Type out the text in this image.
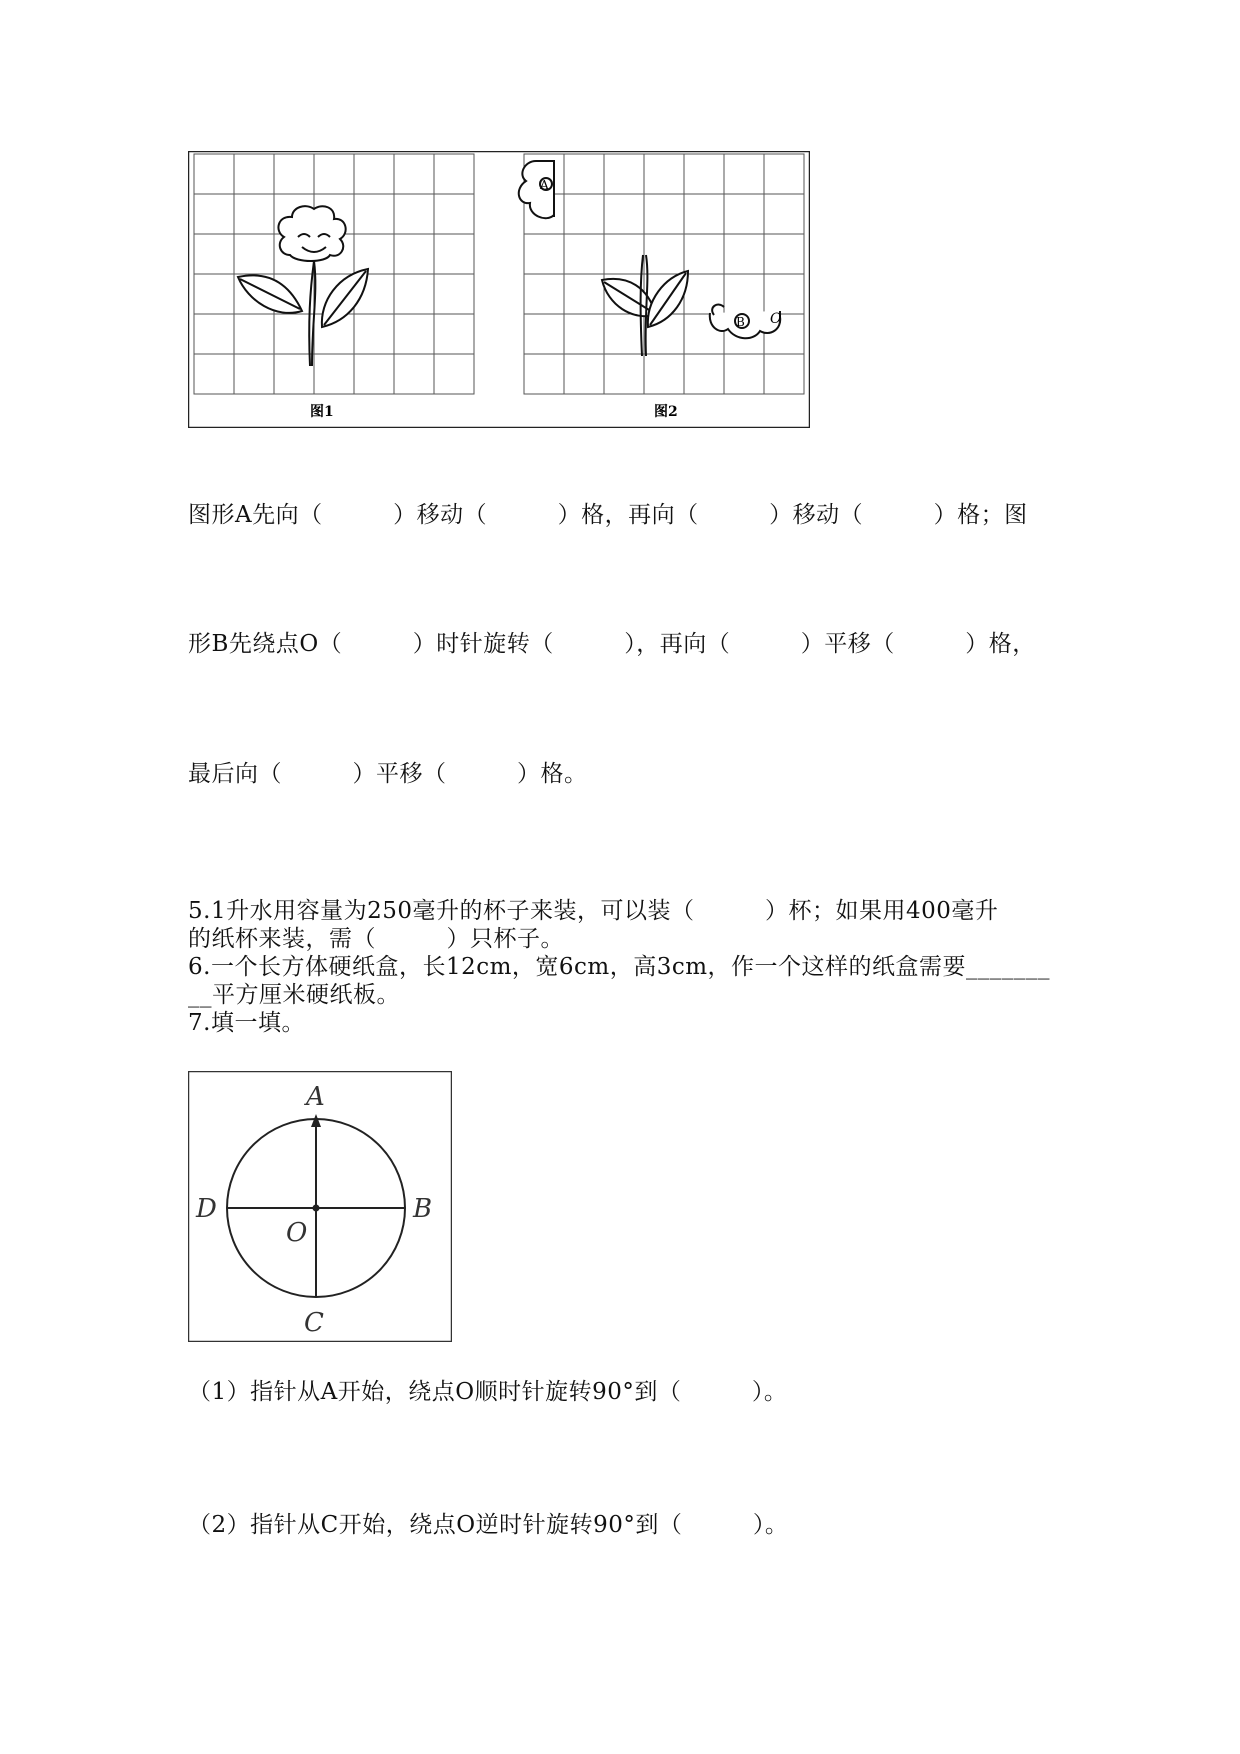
A
B O
图1	图2
图形A先向（　　　）移动（　　　）格，再向（　　　）移动（　　　）格；图
形B先绕点O（　　　）时针旋转（　　　），再向（　　　）平移（　　　）格，
最后向（　　　）平移（　　　）格。
5.1升水用容量为250毫升的杯子来装，可以装（　　　）杯；如果用400毫升
的纸杯来装，需（　　　）只杯子。
6.一个长方体硬纸盒，长12cm，宽6cm，高3cm，作一个这样的纸盒需要_______
__平方厘米硬纸板。
7.填一填。
A
B
C
D
O
（1）指针从A开始，绕点O顺时针旋转90°到（　　　）。
（2）指针从C开始，绕点O逆时针旋转90°到（　　　）。
